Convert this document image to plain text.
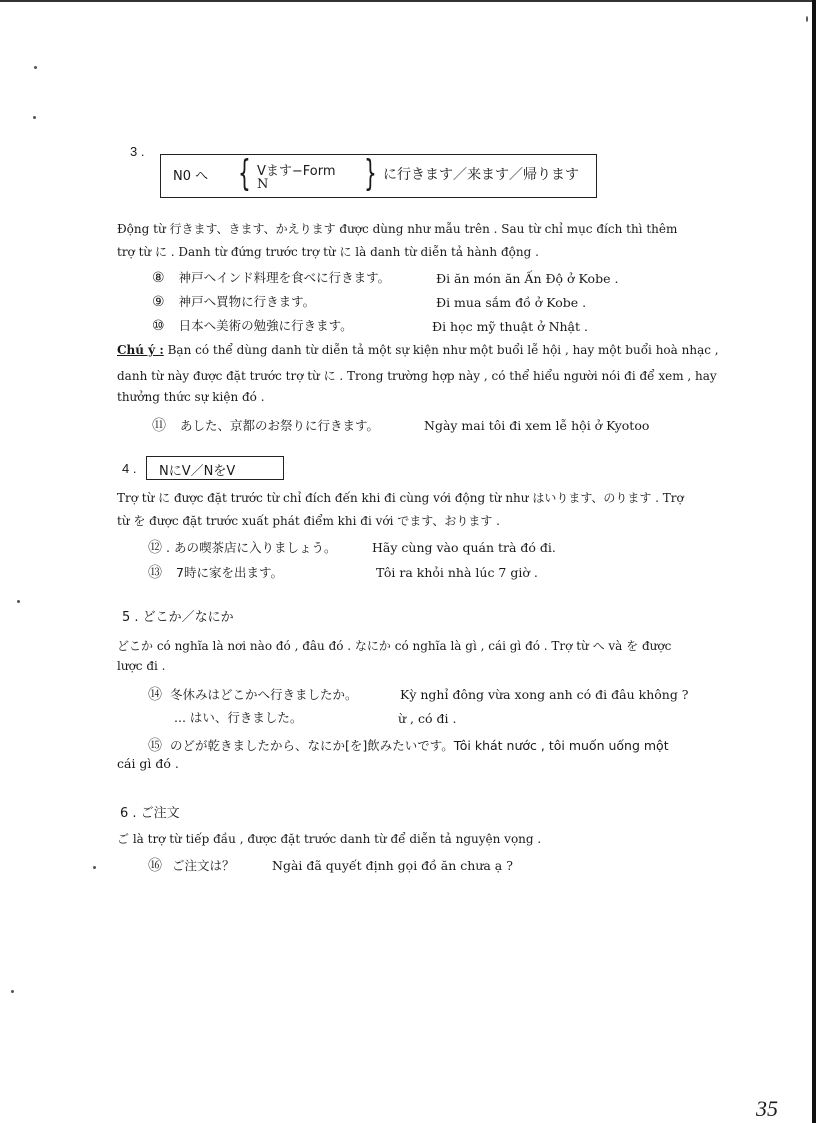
3 .
N0 へ { Vます−Form
N	} に行きます／来ます／帰ります
Động từ 行きます、きます、かえります được dùng như mẫu trên . Sau từ chỉ mục đích thì thêm
trợ từ に . Danh từ đứng trước trợ từ に là danh từ diễn tả hành động .
⑧ 神戸へインド料理を食べに行きます。	Đi ăn món ăn Ấn Độ ở Kobe .
⑨ 神戸へ買物に行きます。	Đi mua sắm đồ ở Kobe .
⑩ 日本へ美術の勉強に行きます。	Đi học mỹ thuật ở Nhật .
Chú ý : Bạn có thể dùng danh từ diễn tả một sự kiện như một buổi lễ hội , hay một buổi hoà nhạc ,
danh từ này được đặt trước trợ từ に . Trong trường hợp này , có thể hiểu người nói đi để xem , hay
thưởng thức sự kiện đó .
⑪ あした、京都のお祭りに行きます。	Ngày mai tôi đi xem lễ hội ở Kyotoo
4 . NにV／NをV
Trợ từ に được đặt trước từ chỉ đích đến khi đi cùng với động từ như はいります、のります . Trợ
từ を được đặt trước xuất phát điểm khi đi với でます、おります .
⑫ . あの喫茶店に入りましょう。	Hãy cùng vào quán trà đó đi.
⑬ 7時に家を出ます。	Tôi ra khỏi nhà lúc 7 giờ .
5 . どこか／なにか
どこか có nghĩa là nơi nào đó , đâu đó . なにか có nghĩa là gì , cái gì đó . Trợ từ へ và を được
lược đi .
⑭ 冬休みはどこかへ行きましたか。	Kỳ nghỉ đông vừa xong anh có đi đâu không ?
... はい、行きました。	ừ , có đi .
⑮ のどが乾きましたから、なにか[を]飲みたいです。Tôi khát nước , tôi muốn uống một
cái gì đó .
6 . ご注文
ご là trợ từ tiếp đầu , được đặt trước danh từ để diễn tả nguyện vọng .
⑯ ご注文は？	Ngài đã quyết định gọi đồ ăn chưa ạ ?
35
